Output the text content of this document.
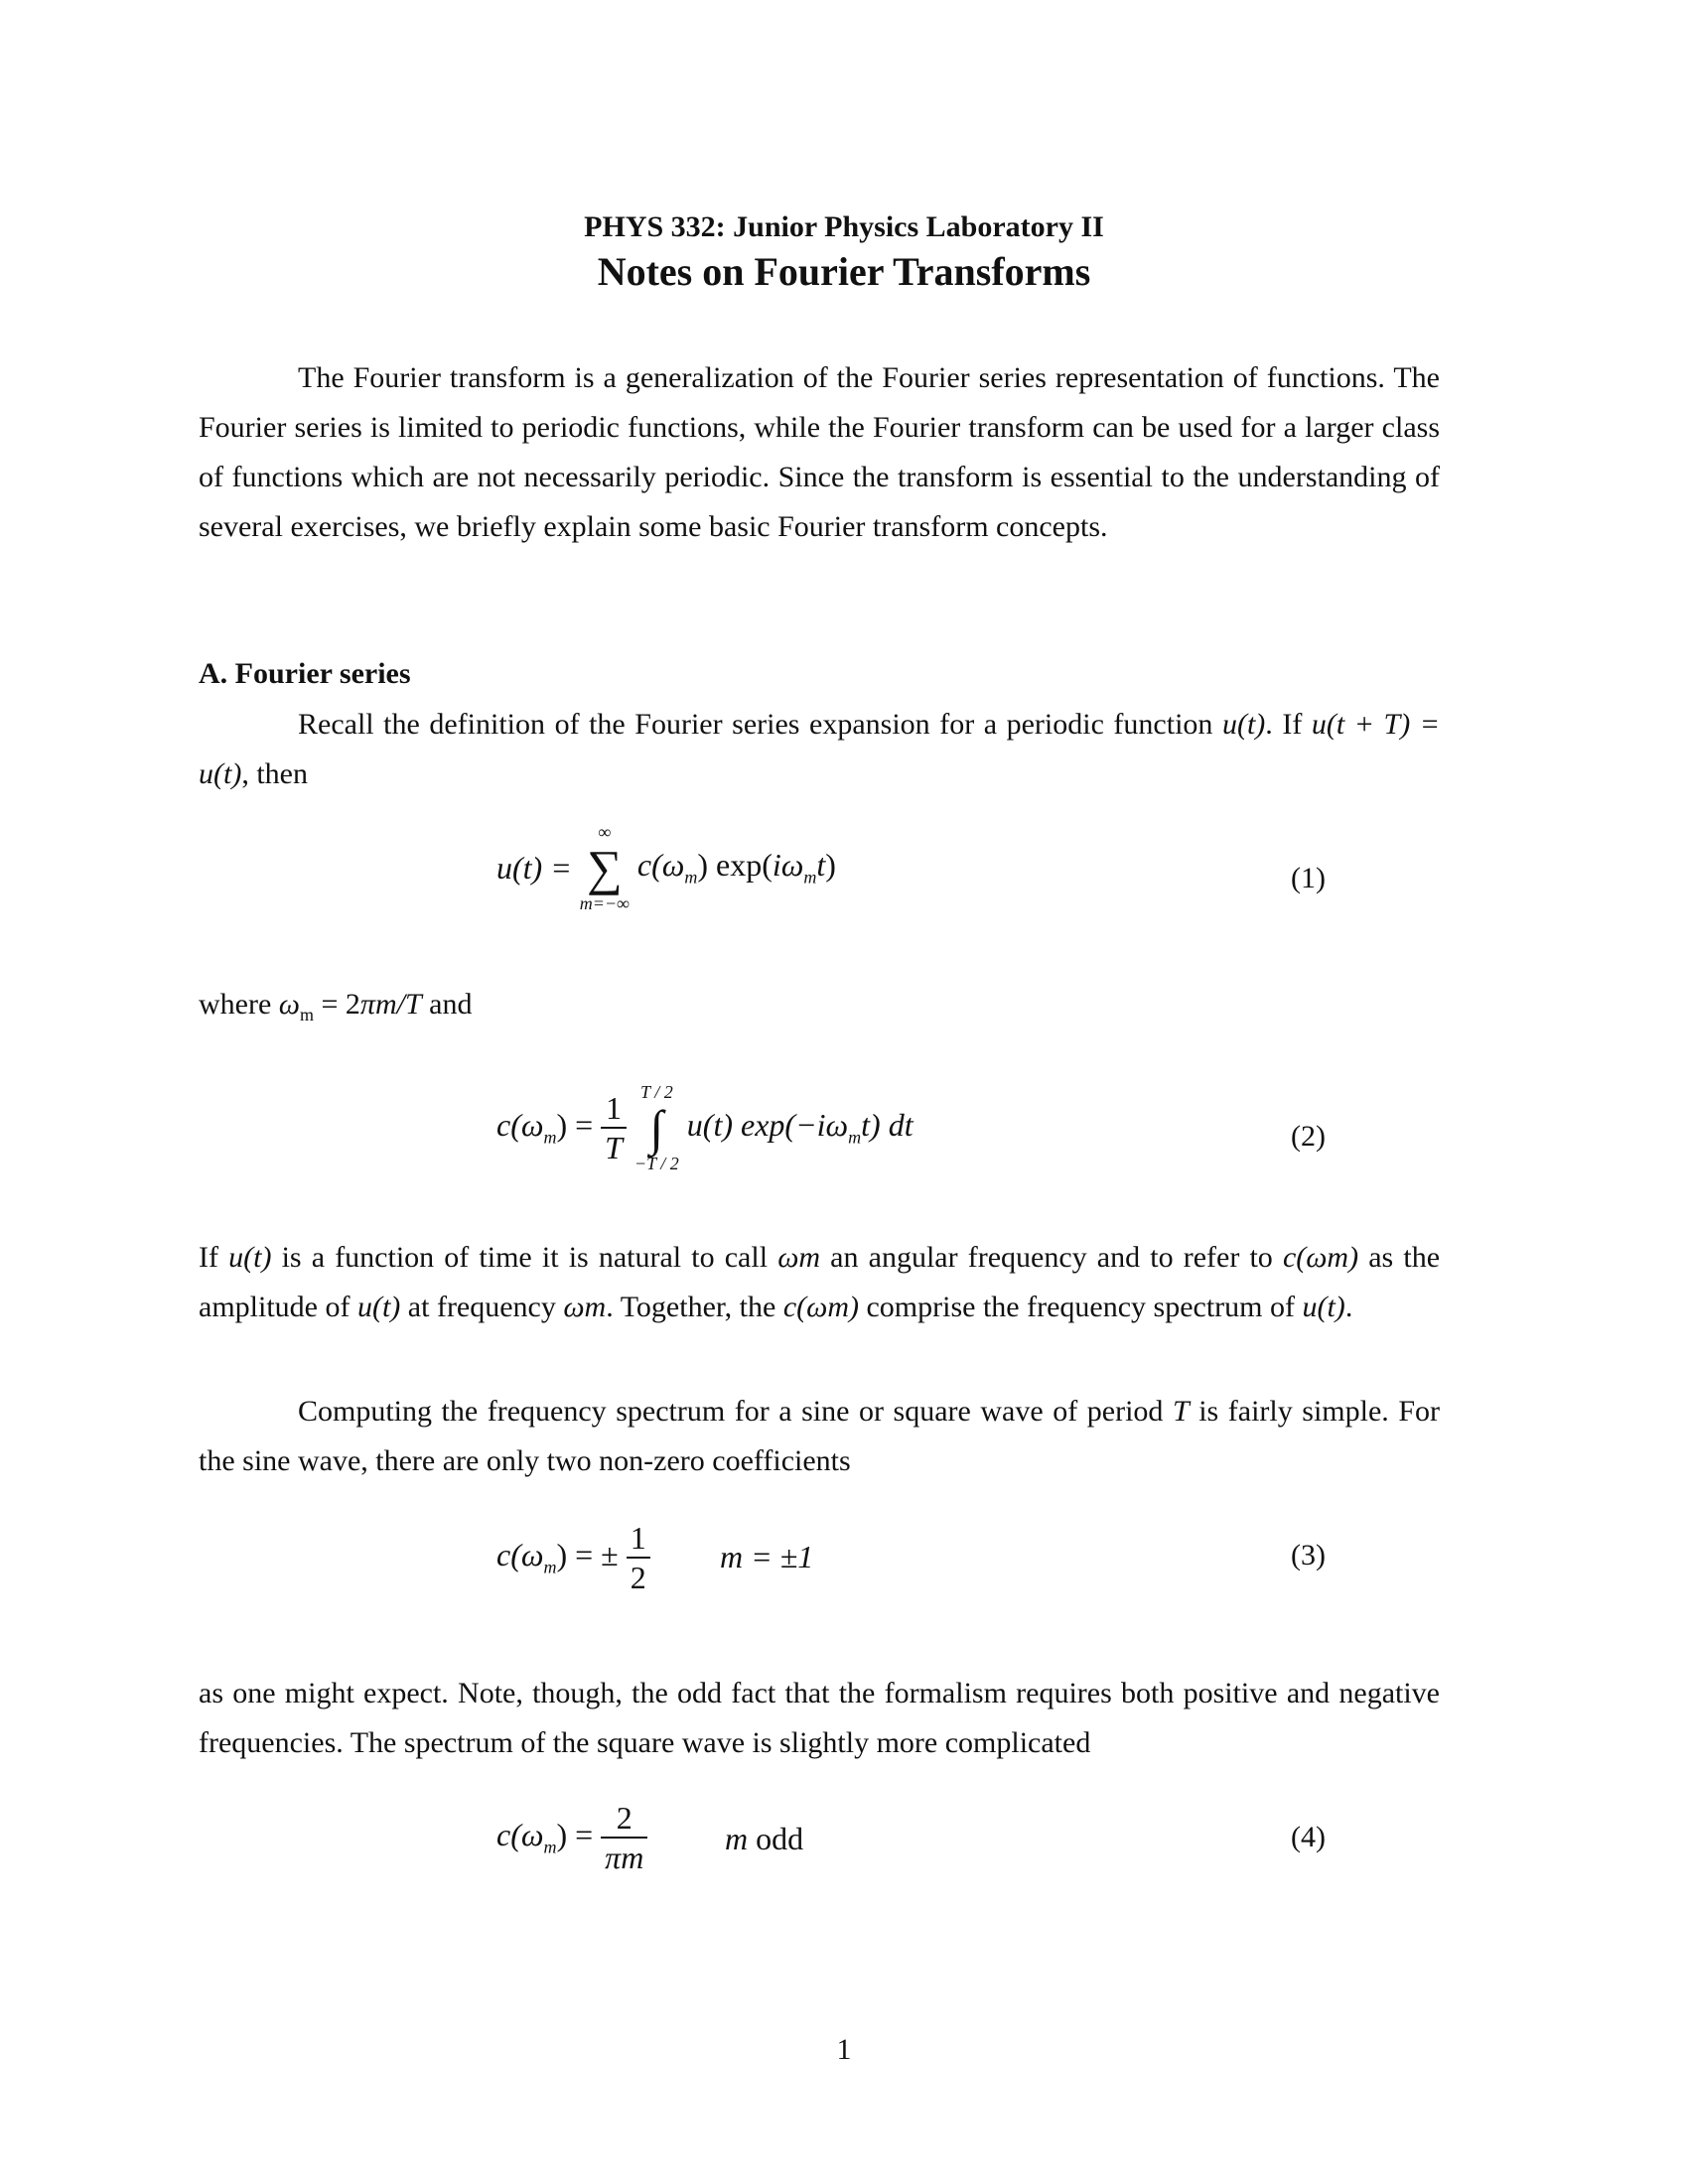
PHYS 332: Junior Physics Laboratory II
Notes on Fourier Transforms

The Fourier transform is a generalization of the Fourier series representation of functions. The Fourier series is limited to periodic functions, while the Fourier transform can be used for a larger class of functions which are not necessarily periodic. Since the transform is essential to the understanding of several exercises, we briefly explain some basic Fourier transform concepts.

A. Fourier series

Recall the definition of the Fourier series expansion for a periodic function u(t). If u(t + T) = u(t), then

u(t) =
∞
∑
m=−∞
$c(\omega_m)$ $\exp(i\omega_mt)$	(1)
where $\omega_m = 2\pi m/T$ and
$c(\omega_m) = \frac{1}{T}$
T / 2
∫
−T / 2
u(t) $\exp(-i\omega_mt)$ dt	(2)

If u(t) is a function of time it is natural to call ωm an angular frequency and to refer to c(ωm) as the amplitude of u(t) at frequency ωm. Together, the c(ωm) comprise the frequency spectrum of u(t).

Computing the frequency spectrum for a sine or square wave of period T is fairly simple. For the sine wave, there are only two non-zero coefficients

$c(\omega_m)$ = ± $\frac{1}{2}$ m = ±1	(3)

as one might expect. Note, though, the odd fact that the formalism requires both positive and negative frequencies. The spectrum of the square wave is slightly more complicated

$c(\omega_m) = \frac{2}{\pi m}$ m odd	(4)
1
